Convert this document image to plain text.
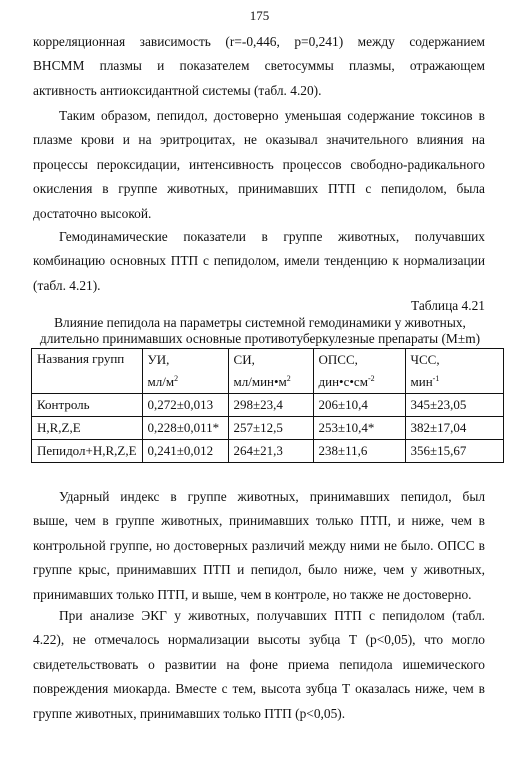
175
корреляционная зависимость (r=-0,446, р=0,241) между содержанием
ВНСММ плазмы и показателем светосуммы плазмы, отражающем
активность антиоксидантной системы (табл. 4.20).
Таким образом, пепидол, достоверно уменьшая содержание токсинов в
плазме крови и на эритроцитах, не оказывал значительного влияния на
процессы пероксидации, интенсивность процессов свободно-радикального
окисления в группе животных, принимавших ПТП с пепидолом, была
достаточно высокой.
Гемодинамические показатели в группе животных, получавших
комбинацию основных ПТП с пепидолом, имели тенденцию к нормализации
(табл. 4.21).
Таблица 4.21
Влияние пепидола на параметры системной гемодинамики у животных,
длительно принимавших основные противотуберкулезные препараты (M±m)
Названия групп	УИ,	СИ,	ОПСС,	ЧСС,
	$мл/м^2$	$мл/мин•м^2$	$дин•с•см^{-2}$	мин$^{-1}$
Контроль	0,272±0,013	298±23,4	206±10,4	345±23,05
H,R,Z,E	0,228±0,011*	257±12,5	253±10,4*	382±17,04
Пепидол+H,R,Z,E	0,241±0,012	264±21,3	238±11,6	356±15,67
Ударный индекс в группе животных, принимавших пепидол, был
выше, чем в группе животных, принимавших только ПТП, и ниже, чем в
контрольной группе, но достоверных различий между ними не было. ОПСС в
группе крыс, принимавших ПТП и пепидол, было ниже, чем у животных,
принимавших только ПТП, и выше, чем в контроле, но также не достоверно.
При анализе ЭКГ у животных, получавших ПТП с пепидолом (табл.
4.22), не отмечалось нормализации высоты зубца Т (р<0,05), что могло
свидетельствовать о развитии на фоне приема пепидола ишемического
повреждения миокарда. Вместе с тем, высота зубца Т оказалась ниже, чем в
группе животных, принимавших только ПТП (р<0,05).
